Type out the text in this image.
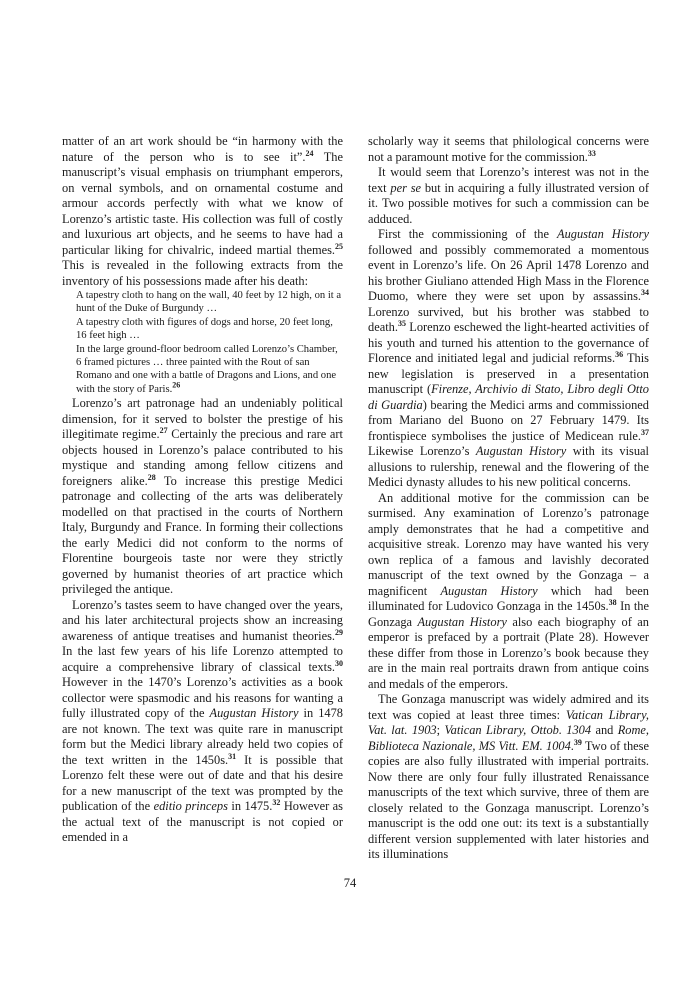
matter of an art work should be “in harmony with the nature of the person who is to see it”.$^{24}$ The manuscript’s visual emphasis on triumphant emperors, on vernal symbols, and on ornamental costume and armour accords perfectly with what we know of Lorenzo’s artistic taste. His collection was full of costly and luxurious art objects, and he seems to have had a particular liking for chivalric, indeed martial themes.$^{25}$ This is revealed in the following extracts from the inventory of his possessions made after his death:

A tapestry cloth to hang on the wall, 40 feet by 12 high, on it a hunt of the Duke of Burgundy …

A tapestry cloth with figures of dogs and horse, 20 feet long, 16 feet high …

In the large ground-floor bedroom called Lorenzo’s Chamber, 6 framed pictures … three painted with the Rout of san Romano and one with a battle of Dragons and Lions, and one with the story of Paris.$^{26}$

Lorenzo’s art patronage had an undeniably political dimension, for it served to bolster the prestige of his illegitimate regime.$^{27}$ Certainly the precious and rare art objects housed in Lorenzo’s palace contributed to his mystique and standing among fellow citizens and foreigners alike.$^{28}$ To increase this prestige Medici patronage and collecting of the arts was deliberately modelled on that practised in the courts of Northern Italy, Burgundy and France. In forming their collections the early Medici did not conform to the norms of Florentine bourgeois taste nor were they strictly governed by humanist theories of art practice which privileged the antique.

Lorenzo’s tastes seem to have changed over the years, and his later architectural projects show an increasing awareness of antique treatises and humanist theories.$^{29}$ In the last few years of his life Lorenzo attempted to acquire a comprehensive library of classical texts.$^{30}$ However in the 1470’s Lorenzo’s activities as a book collector were spasmodic and his reasons for wanting a fully illustrated copy of the Augustan History in 1478 are not known. The text was quite rare in manuscript form but the Medici library already held two copies of the text written in the 1450s.$^{31}$ It is possible that Lorenzo felt these were out of date and that his desire for a new manuscript of the text was prompted by the publication of the editio princeps in 1475.32 However as the actual text of the manuscript is not copied or emended in a

scholarly way it seems that philological concerns were not a paramount motive for the commission.$^{33}$

It would seem that Lorenzo’s interest was not in the text per se but in acquiring a fully illustrated version of it. Two possible motives for such a commission can be adduced.

First the commissioning of the Augustan History followed and possibly commemorated a momentous event in Lorenzo’s life. On 26 April 1478 Lorenzo and his brother Giuliano attended High Mass in the Florence Duomo, where they were set upon by assassins.$^{34}$ Lorenzo survived, but his brother was stabbed to death.$^{35}$ Lorenzo eschewed the light-hearted activities of his youth and turned his attention to the governance of Florence and initiated legal and judicial reforms.$^{36}$ This new legislation is preserved in a presentation manuscript (Firenze, Archivio di Stato, Libro degli Otto di Guardia) bearing the Medici arms and commissioned from Mariano del Buono on 27 February 1479. Its frontispiece symbolises the justice of Medicean rule.$^{37}$ Likewise Lorenzo’s Augustan History with its visual allusions to rulership, renewal and the flowering of the Medici dynasty alludes to his new political concerns.

An additional motive for the commission can be surmised. Any examination of Lorenzo’s patronage amply demonstrates that he had a competitive and acquisitive streak. Lorenzo may have wanted his very own replica of a famous and lavishly decorated manuscript of the text owned by the Gonzaga – a magnificent Augustan History which had been illuminated for Ludovico Gonzaga in the 1450s.$^{38}$ In the Gonzaga Augustan History also each biography of an emperor is prefaced by a portrait (Plate 28). However these differ from those in Lorenzo’s book because they are in the main real portraits drawn from antique coins and medals of the emperors.

The Gonzaga manuscript was widely admired and its text was copied at least three times: Vatican Library, Vat. lat. 1903; Vatican Library, Ottob. 1304 and Rome, Biblioteca Nazionale, MS Vitt. EM. 1004.39 Two of these copies are also fully illustrated with imperial portraits. Now there are only four fully illustrated Renaissance manuscripts of the text which survive, three of them are closely related to the Gonzaga manuscript. Lorenzo’s manuscript is the odd one out: its text is a substantially different version supplemented with later histories and its illuminations

74
